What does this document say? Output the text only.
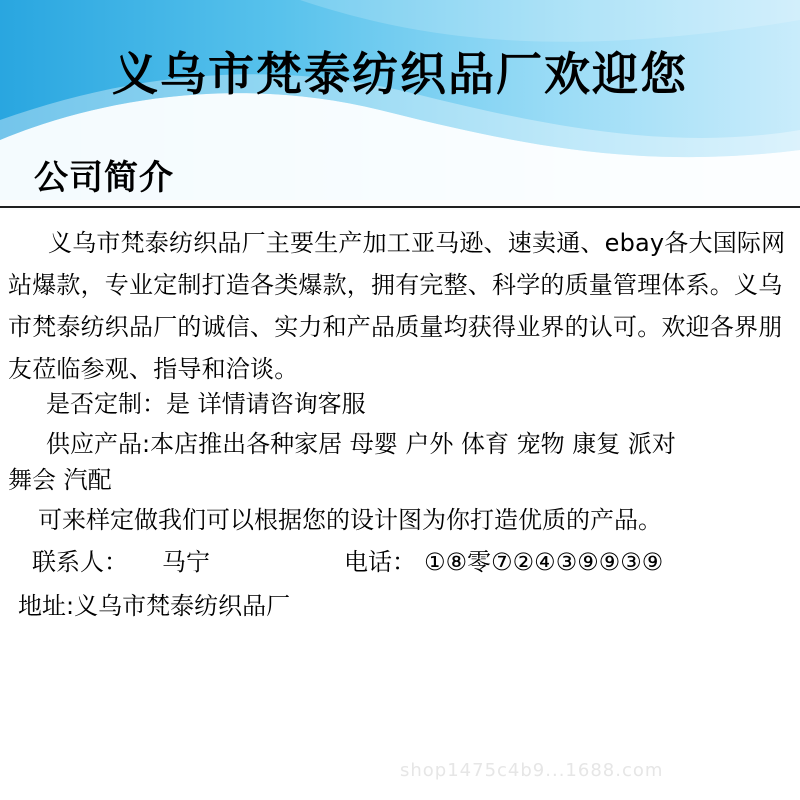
义乌市梵泰纺织品厂欢迎您
公司简介
义乌市梵泰纺织品厂主要生产加工亚马逊、速卖通、ebay各大国际网站爆款，专业定制打造各类爆款，拥有完整、科学的质量管理体系。义乌市梵泰纺织品厂的诚信、实力和产品质量均获得业界的认可。欢迎各界朋友莅临参观、指导和洽谈。
是否定制：是 详情请咨询客服
供应产品:本店推出各种家居 母婴 户外 体育 宠物 康复 派对
舞会 汽配
可来样定做我们可以根据您的设计图为你打造优质的产品。
联系人： 马宁	电话： ①⑧零⑦②④③⑨⑨③⑨
地址:义乌市梵泰纺织品厂
shop1475c4b9...1688.com
